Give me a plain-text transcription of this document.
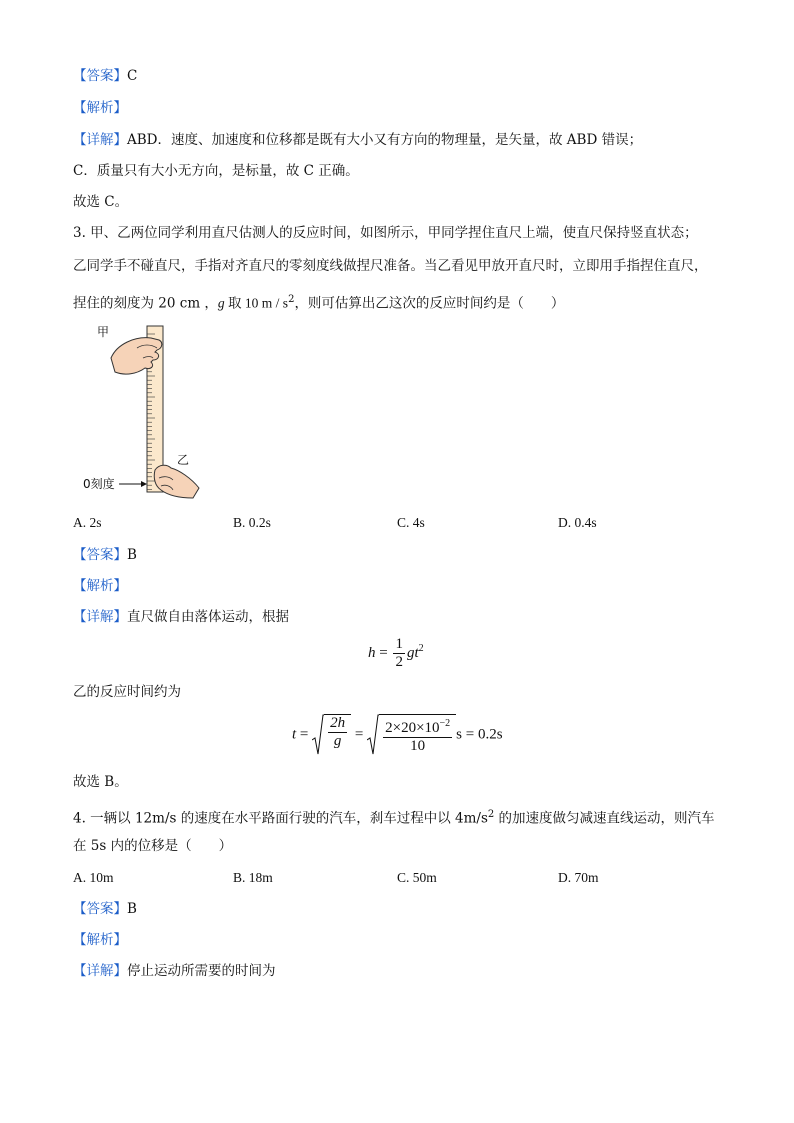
【答案】C
【解析】
【详解】ABD．速度、加速度和位移都是既有大小又有方向的物理量，是矢量，故 ABD 错误；
C．质量只有大小无方向，是标量，故 C 正确。
故选 C。
3. 甲、乙两位同学利用直尺估测人的反应时间，如图所示，甲同学捏住直尺上端，使直尺保持竖直状态；
乙同学手不碰直尺，手指对齐直尺的零刻度线做捏尺准备。当乙看见甲放开直尺时，立即用手指捏住直尺，
捏住的刻度为 20 cm ，g 取 10 m / $s^2$，则可估算出乙这次的反应时间约是（　　）
甲
乙
0刻度
A. 2s	B. 0.2s	C. 4s	D. 0.4s
【答案】B
【解析】
【详解】直尺做自由落体运动，根据
$h = \frac{1}{2} gt^2$
乙的反应时间约为
$t = \frac{2h}{g} = \frac{2\times 20\times 10^{-2}}{10}$ s = 0.2s
故选 B。
4. 一辆以 12m/s 的速度在水平路面行驶的汽车，刹车过程中以 $4m/s^2$ 的加速度做匀减速直线运动，则汽车
在 5s 内的位移是（　　）
A. 10m	B. 18m	C. 50m	D. 70m
【答案】B
【解析】
【详解】停止运动所需要的时间为
